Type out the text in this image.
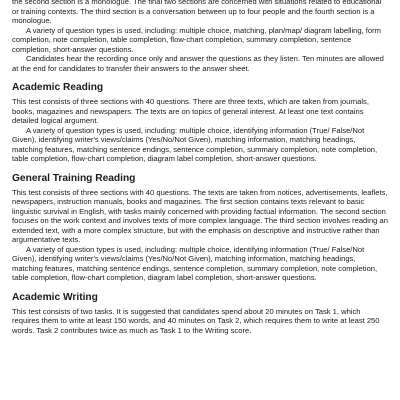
the second section is a monologue. The final two sections are concerned with situations related to educational or training contexts. The third section is a conversation between up to four people and the fourth section is a monologue.

A variety of question types is used, including: multiple choice, matching, plan/map/ diagram labelling, form completion, note completion, table completion, flow-chart completion, summary completion, sentence completion, short-answer questions.

Candidates hear the recording once only and answer the questions as they listen. Ten minutes are allowed at the end for candidates to transfer their answers to the answer sheet.

Academic Reading

This test consists of three sections with 40 questions. There are three texts, which are taken from journals, books, magazines and newspapers. The texts are on topics of general interest. At least one text contains detailed logical argument.

A variety of question types is used, including: multiple choice, identifying information (True/ False/Not Given), identifying writer's views/claims (Yes/No/Not Given), matching information, matching headings, matching features, matching sentence endings, sentence completion, summary completion, note completion, table completion, flow-chart completion, diagram label completion, short-answer questions.

General Training Reading

This test consists of three sections with 40 questions. The texts are taken from notices, advertisements, leaflets, newspapers, instruction manuals, books and magazines. The first section contains texts relevant to basic linguistic survival in English, with tasks mainly concerned with providing factual information. The second section focuses on the work context and involves texts of more complex language. The third section involves reading an extended text, with a more complex structure, but with the emphasis on descriptive and instructive rather than argumentative texts.

A variety of question types is used, including: multiple choice, identifying information (True/ False/Not Given), identifying writer's views/claims (Yes/No/Not Given), matching information, matching headings, matching features, matching sentence endings, sentence completion, summary completion, note completion, table completion, flow-chart completion, diagram label completion, short-answer questions.

Academic Writing

This test consists of two tasks. It is suggested that candidates spend about 20 minutes on Task 1, which requires them to write at least 150 words, and 40 minutes on Task 2, which requires them to write at least 250 words. Task 2 contributes twice as much as Task 1 to the Writing score.
